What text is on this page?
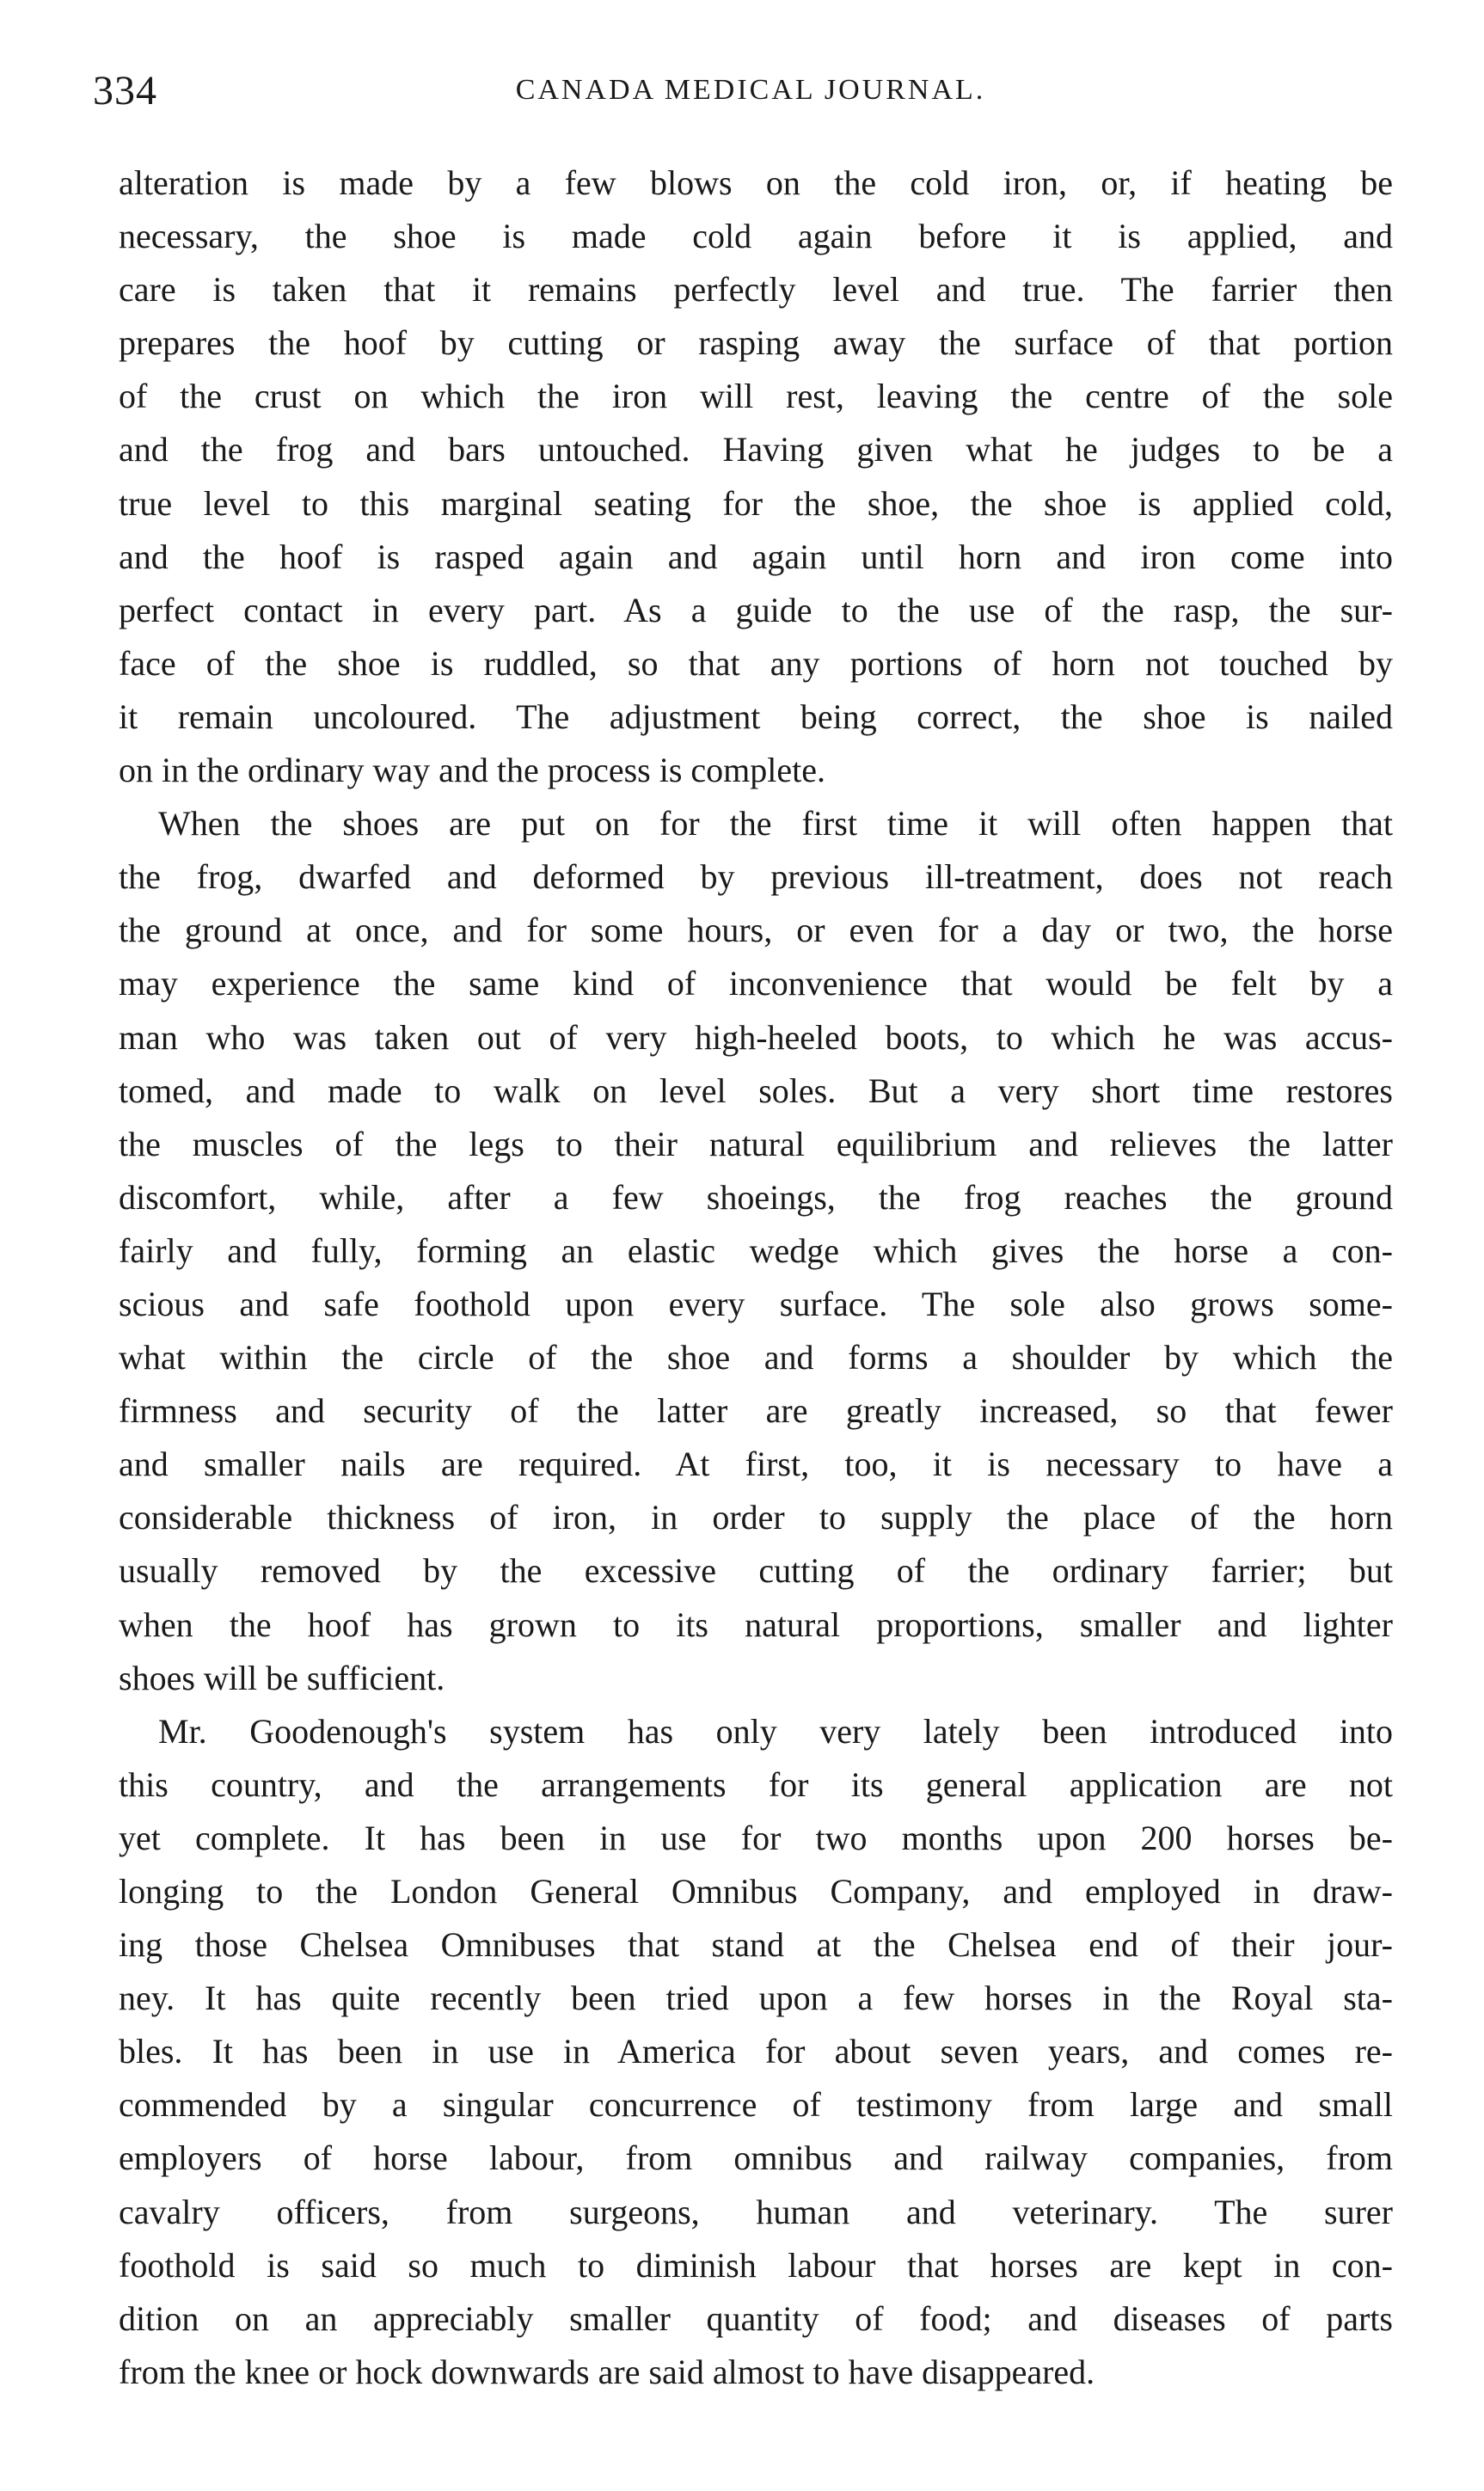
334	CANADA MEDICAL JOURNAL.

alteration is made by a few blows on the cold iron, or, if heating be
necessary, the shoe is made cold again before it is applied, and
care is taken that it remains perfectly level and true. The farrier then
prepares the hoof by cutting or rasping away the surface of that portion
of the crust on which the iron will rest, leaving the centre of the sole
and the frog and bars untouched. Having given what he judges to be a
true level to this marginal seating for the shoe, the shoe is applied cold,
and the hoof is rasped again and again until horn and iron come into
perfect contact in every part. As a guide to the use of the rasp, the sur-
face of the shoe is ruddled, so that any portions of horn not touched by
it remain uncoloured. The adjustment being correct, the shoe is nailed
on in the ordinary way and the process is complete.

When the shoes are put on for the first time it will often happen that
the frog, dwarfed and deformed by previous ill-treatment, does not reach
the ground at once, and for some hours, or even for a day or two, the horse
may experience the same kind of inconvenience that would be felt by a
man who was taken out of very high-heeled boots, to which he was accus-
tomed, and made to walk on level soles. But a very short time restores
the muscles of the legs to their natural equilibrium and relieves the latter
discomfort, while, after a few shoeings, the frog reaches the ground
fairly and fully, forming an elastic wedge which gives the horse a con-
scious and safe foothold upon every surface. The sole also grows some-
what within the circle of the shoe and forms a shoulder by which the
firmness and security of the latter are greatly increased, so that fewer
and smaller nails are required. At first, too, it is necessary to have a
considerable thickness of iron, in order to supply the place of the horn
usually removed by the excessive cutting of the ordinary farrier; but
when the hoof has grown to its natural proportions, smaller and lighter
shoes will be sufficient.

Mr. Goodenough's system has only very lately been introduced into
this country, and the arrangements for its general application are not
yet complete. It has been in use for two months upon 200 horses be-
longing to the London General Omnibus Company, and employed in draw-
ing those Chelsea Omnibuses that stand at the Chelsea end of their jour-
ney. It has quite recently been tried upon a few horses in the Royal sta-
bles. It has been in use in America for about seven years, and comes re-
commended by a singular concurrence of testimony from large and small
employers of horse labour, from omnibus and railway companies, from
cavalry officers, from surgeons, human and veterinary. The surer
foothold is said so much to diminish labour that horses are kept in con-
dition on an appreciably smaller quantity of food; and diseases of parts
from the knee or hock downwards are said almost to have disappeared.
